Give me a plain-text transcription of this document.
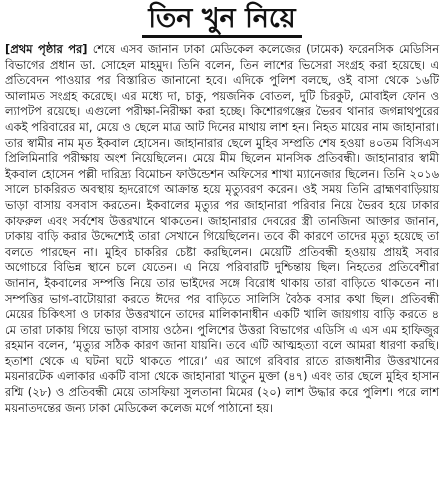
তিন খুন নিয়ে

[প্রথম পৃষ্ঠার পর] শেষে এসব জানান ঢাকা মেডিকেল কলেজের (ঢামেক) ফরেনসিক মেডিসিন বিভাগের প্রধান ডা. সোহেল মাহমুদ। তিনি বলেন, তিন লাশের ভিসেরা সংগ্রহ করা হয়েছে। এ প্রতিবেদন পাওয়ার পর বিস্তারিত জানানো হবে। এদিকে পুলিশ বলছে, ওই বাসা থেকে ১৬টি আলামত সংগ্রহ করেছে। এর মধ্যে দা, চাকু, পয়জনিক বোতল, দুটি চিরকুট, মোবাইল ফোন ও ল্যাপটপ রয়েছে। এগুলো পরীক্ষা-নিরীক্ষা করা হচ্ছে। কিশোরগঞ্জের ভৈরব থানার জগন্নাথপুরের একই পরিবারের মা, মেয়ে ও ছেলে মাত্র আট দিনের মাথায় লাশ হন। নিহত মায়ের নাম জাহানারা। তার স্বামীর নাম মৃত ইকবাল হোসেন। জাহানারার ছেলে মুহিব সম্প্রতি শেষ হওয়া ৪০তম বিসিএস প্রিলিমিনারি পরীক্ষায় অংশ নিয়েছিলেন। মেয়ে মীম ছিলেন মানসিক প্রতিবন্ধী। জাহানারার স্বামী ইকবাল হোসেন পল্লী দারিদ্র্য বিমোচন ফাউন্ডেশন অফিসের শাখা ম্যানেজার ছিলেন। তিনি ২০১৬ সালে চাকরিরত অবস্থায় হৃদরোগে আক্রান্ত হয়ে মৃত্যুবরণ করেন। ওই সময় তিনি ব্রাহ্মণবাড়িয়ায় ভাড়া বাসায় বসবাস করতেন। ইকবালের মৃত্যুর পর জাহানারা পরিবার নিয়ে ভৈরব হয়ে ঢাকার কাফরুল এবং সর্বশেষ উত্তরখানে থাকতেন। জাহানারার দেবরের স্ত্রী তানজিনা আক্তার জানান, ঢাকায় বাড়ি করার উদ্দেশ্যেই তারা সেখানে গিয়েছিলেন। তবে কী কারণে তাদের মৃত্যু হয়েছে তা বলতে পারছেন না। মুহিব চাকরির চেষ্টা করছিলেন। মেয়েটি প্রতিবন্ধী হওয়ায় প্রায়ই সবার অগোচরে বিভিন্ন স্থানে চলে যেতেন। এ নিয়ে পরিবারটি দুশ্চিন্তায় ছিল। নিহতের প্রতিবেশীরা জানান, ইকবালের সম্পত্তি নিয়ে তার ভাইদের সঙ্গে বিরোধ থাকায় তারা বাড়িতে থাকতেন না। সম্পত্তির ভাগ-বাটোয়ারা করতে ঈদের পর বাড়িতে সালিসি বৈঠক বসার কথা ছিল। প্রতিবন্ধী মেয়ের চিকিৎসা ও ঢাকার উত্তরখানে তাদের মালিকানাধীন একটি খালি জায়গায় বাড়ি করতে ৪ মে তারা ঢাকায় গিয়ে ভাড়া বাসায় ওঠেন। পুলিশের উত্তরা বিভাগের এডিসি এ এস এম হাফিজুর রহমান বলেন, ‘মৃত্যুর সঠিক কারণ জানা যায়নি। তবে এটি আত্মহত্যা বলে আমরা ধারণা করছি। হতাশা থেকে এ ঘটনা ঘটে থাকতে পারে।’ এর আগে রবিবার রাতে রাজধানীর উত্তরখানের ময়নারটেক এলাকার একটি বাসা থেকে জাহানারা খাতুন মুক্তা (৪৭) এবং তার ছেলে মুহিব হাসান রশ্মি (২৮) ও প্রতিবন্ধী মেয়ে তাসফিয়া সুলতানা মিমের (২০) লাশ উদ্ধার করে পুলিশ। পরে লাশ ময়নাতদন্তের জন্য ঢাকা মেডিকেল কলেজ মর্গে পাঠানো হয়।
